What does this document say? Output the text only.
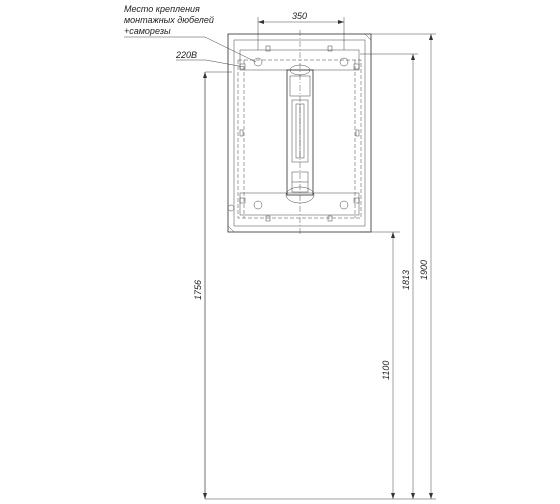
Место крепления
монтажных дюбелей
+саморезы
220В
350
1756
1100
1813 1900
